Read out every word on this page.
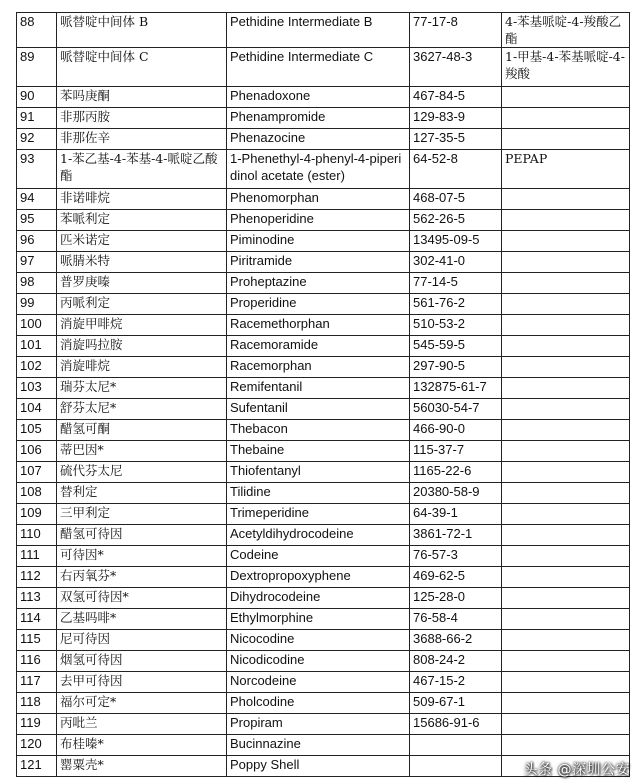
88	哌替啶中间体 B	Pethidine Intermediate B	77-17-8	4-苯基哌啶-4-羧酸乙酯
89	哌替啶中间体 C	Pethidine Intermediate C	3627-48-3	1-甲基-4-苯基哌啶-4-羧酸
90	苯吗庚酮	Phenadoxone	467-84-5	
91	非那丙胺	Phenampromide	129-83-9	
92	非那佐辛	Phenazocine	127-35-5	
93	1-苯乙基-4-苯基-4-哌啶乙酸酯	1-Phenethyl-4-phenyl-4-piperidinol acetate (ester)	64-52-8	PEPAP
94	非诺啡烷	Phenomorphan	468-07-5	
95	苯哌利定	Phenoperidine	562-26-5	
96	匹米诺定	Piminodine	13495-09-5	
97	哌腈米特	Piritramide	302-41-0	
98	普罗庚嗪	Proheptazine	77-14-5	
99	丙哌利定	Properidine	561-76-2	
100	消旋甲啡烷	Racemethorphan	510-53-2	
101	消旋吗拉胺	Racemoramide	545-59-5	
102	消旋啡烷	Racemorphan	297-90-5	
103	瑞芬太尼*	Remifentanil	132875-61-7	
104	舒芬太尼*	Sufentanil	56030-54-7	
105	醋氢可酮	Thebacon	466-90-0	
106	蒂巴因*	Thebaine	115-37-7	
107	硫代芬太尼	Thiofentanyl	1165-22-6	
108	替利定	Tilidine	20380-58-9	
109	三甲利定	Trimeperidine	64-39-1	
110	醋氢可待因	Acetyldihydrocodeine	3861-72-1	
111	可待因*	Codeine	76-57-3	
112	右丙氧芬*	Dextropropoxyphene	469-62-5	
113	双氢可待因*	Dihydrocodeine	125-28-0	
114	乙基吗啡*	Ethylmorphine	76-58-4	
115	尼可待因	Nicocodine	3688-66-2	
116	烟氢可待因	Nicodicodine	808-24-2	
117	去甲可待因	Norcodeine	467-15-2	
118	福尔可定*	Pholcodine	509-67-1	
119	丙吡兰	Propiram	15686-91-6	
120	布桂嗪*	Bucinnazine		
121	罂粟壳*	Poppy Shell			头条 @深圳公安
